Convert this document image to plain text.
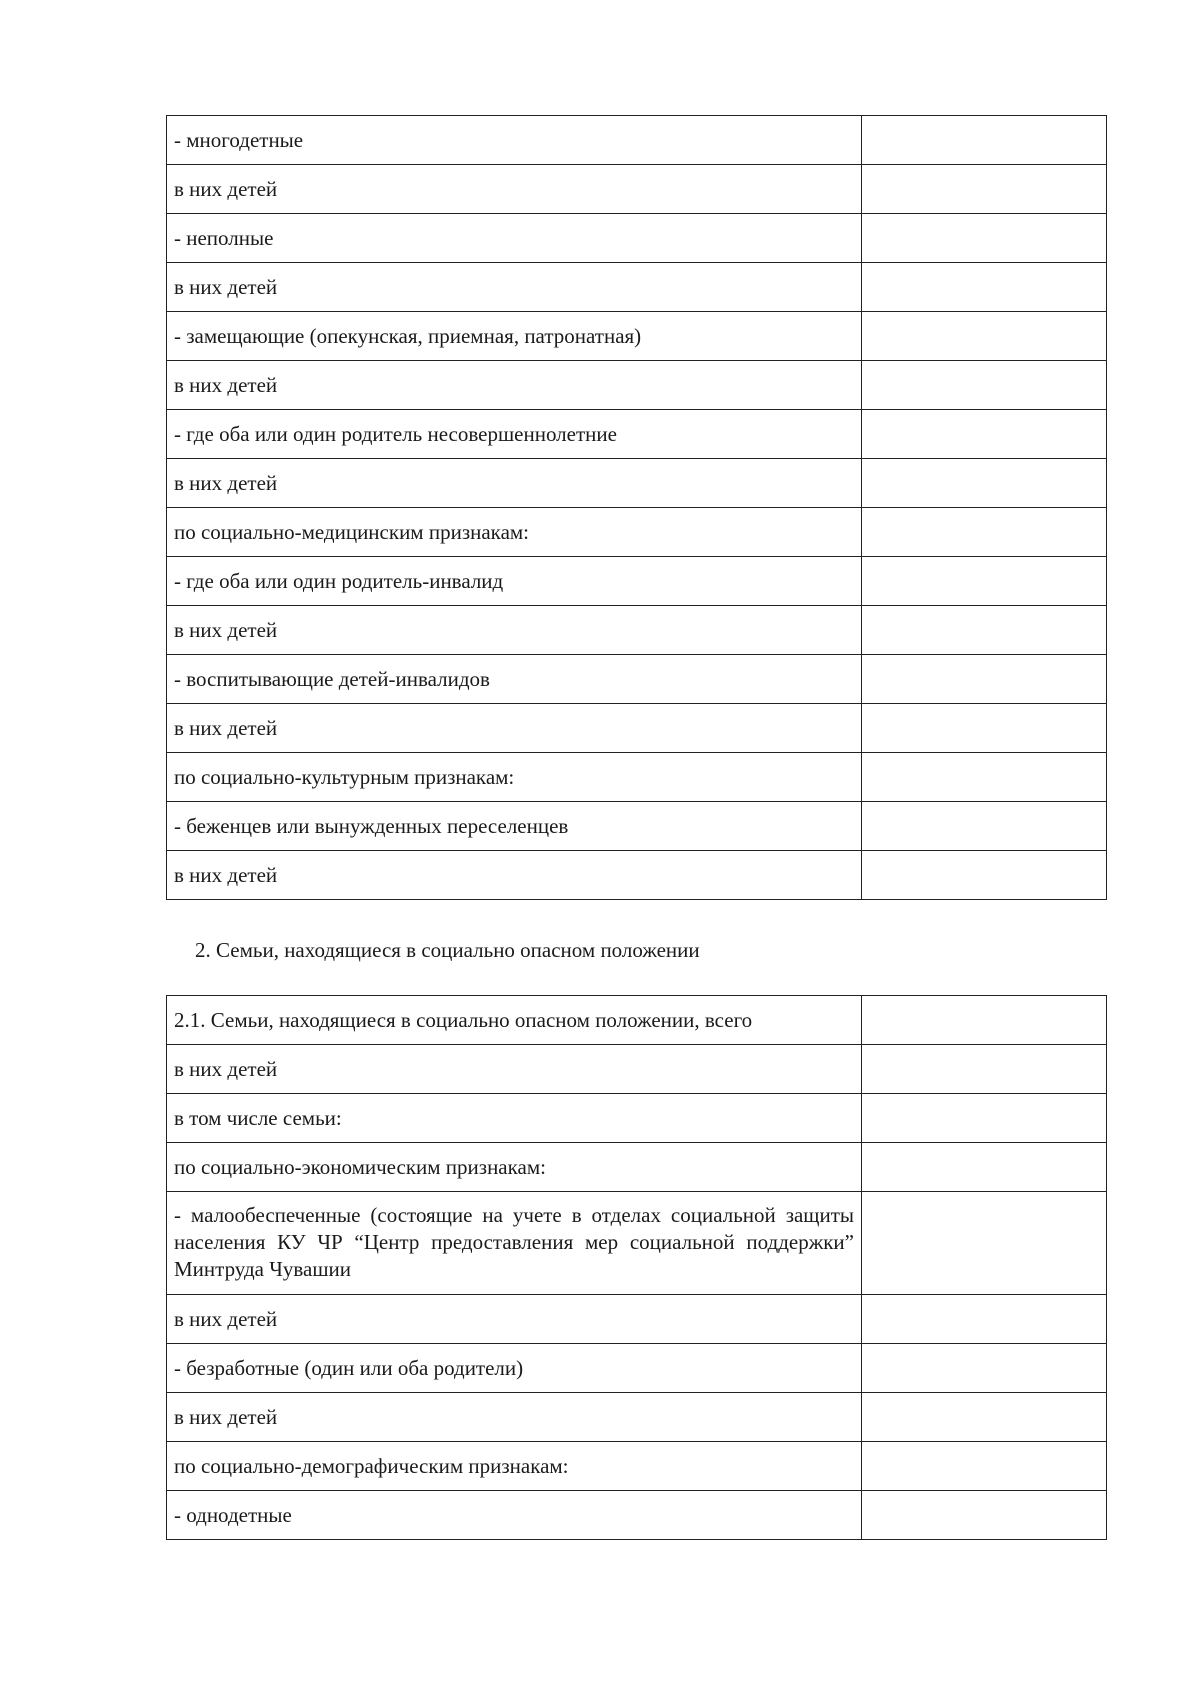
- многодетные	
в них детей	
- неполные	
в них детей	
- замещающие (опекунская, приемная, патронатная)	
в них детей	
- где оба или один родитель несовершеннолетние	
в них детей	
по социально-медицинским признакам:	
- где оба или один родитель-инвалид	
в них детей	
- воспитывающие детей-инвалидов	
в них детей	
по социально-культурным признакам:	
- беженцев или вынужденных переселенцев	
в них детей	

2. Семьи, находящиеся в социально опасном положении

2.1. Семьи, находящиеся в социально опасном положении, всего	
в них детей	
в том числе семьи:	
по социально-экономическим признакам:	
- малообеспеченные (состоящие на учете в отделах социальной защиты населения КУ ЧР “Центр предоставления мер социальной поддержки” Минтруда Чувашии	
в них детей	
- безработные (один или оба родители)	
в них детей	
по социально-демографическим признакам:	
- однодетные	
